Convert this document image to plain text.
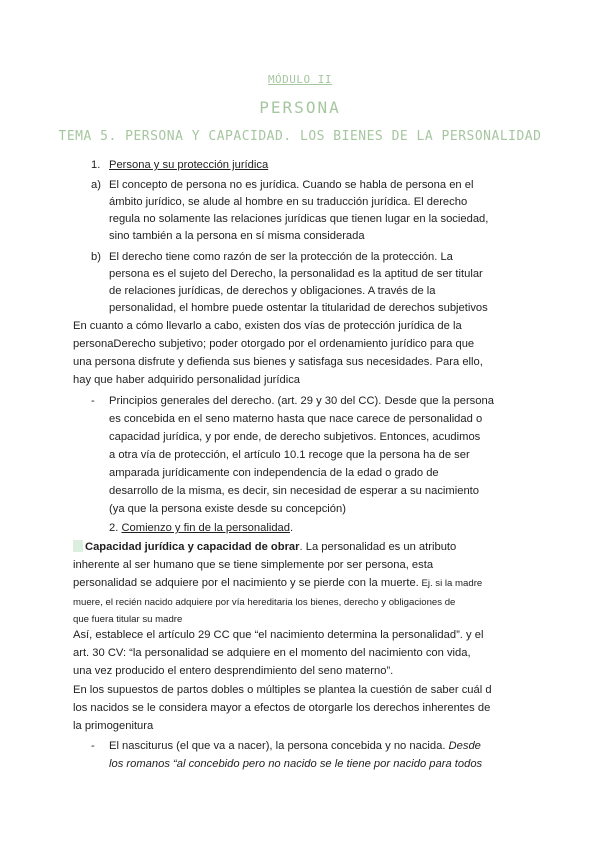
MÓDULO II
PERSONA
TEMA 5. PERSONA Y CAPACIDAD. LOS BIENES DE LA PERSONALIDAD
1. Persona y su protección jurídica
a) El concepto de persona no es jurídica. Cuando se habla de persona en el
ámbito jurídico, se alude al hombre en su traducción jurídica. El derecho
regula no solamente las relaciones jurídicas que tienen lugar en la sociedad,
sino también a la persona en sí misma considerada
b) El derecho tiene como razón de ser la protección de la protección. La
persona es el sujeto del Derecho, la personalidad es la aptitud de ser titular
de relaciones jurídicas, de derechos y obligaciones. A través de la
personalidad, el hombre puede ostentar la titularidad de derechos subjetivos
En cuanto a cómo llevarlo a cabo, existen dos vías de protección jurídica de la
personaDerecho subjetivo; poder otorgado por el ordenamiento jurídico para que
una persona disfrute y defienda sus bienes y satisfaga sus necesidades. Para ello,
hay que haber adquirido personalidad jurídica
- Principios generales del derecho. (art. 29 y 30 del CC). Desde que la persona
es concebida en el seno materno hasta que nace carece de personalidad o
capacidad jurídica, y por ende, de derecho subjetivos. Entonces, acudimos
a otra vía de protección, el artículo 10.1 recoge que la persona ha de ser
amparada jurídicamente con independencia de la edad o grado de
desarrollo de la misma, es decir, sin necesidad de esperar a su nacimiento
(ya que la persona existe desde su concepción)
2. Comienzo y fin de la personalidad.
Capacidad jurídica y capacidad de obrar. La personalidad es un atributo
inherente al ser humano que se tiene simplemente por ser persona, esta
personalidad se adquiere por el nacimiento y se pierde con la muerte. Ej. si la madre
muere, el recién nacido adquiere por vía hereditaria los bienes, derecho y obligaciones de
que fuera titular su madre
Así, establece el artículo 29 CC que “el nacimiento determina la personalidad”. y el
art. 30 CV: “la personalidad se adquiere en el momento del nacimiento con vida,
una vez producido el entero desprendimiento del seno materno”.
En los supuestos de partos dobles o múltiples se plantea la cuestión de saber cuál d
los nacidos se le considera mayor a efectos de otorgarle los derechos inherentes de
la primogenitura
- El nasciturus (el que va a nacer), la persona concebida y no nacida. Desde
los romanos “al concebido pero no nacido se le tiene por nacido para todos
